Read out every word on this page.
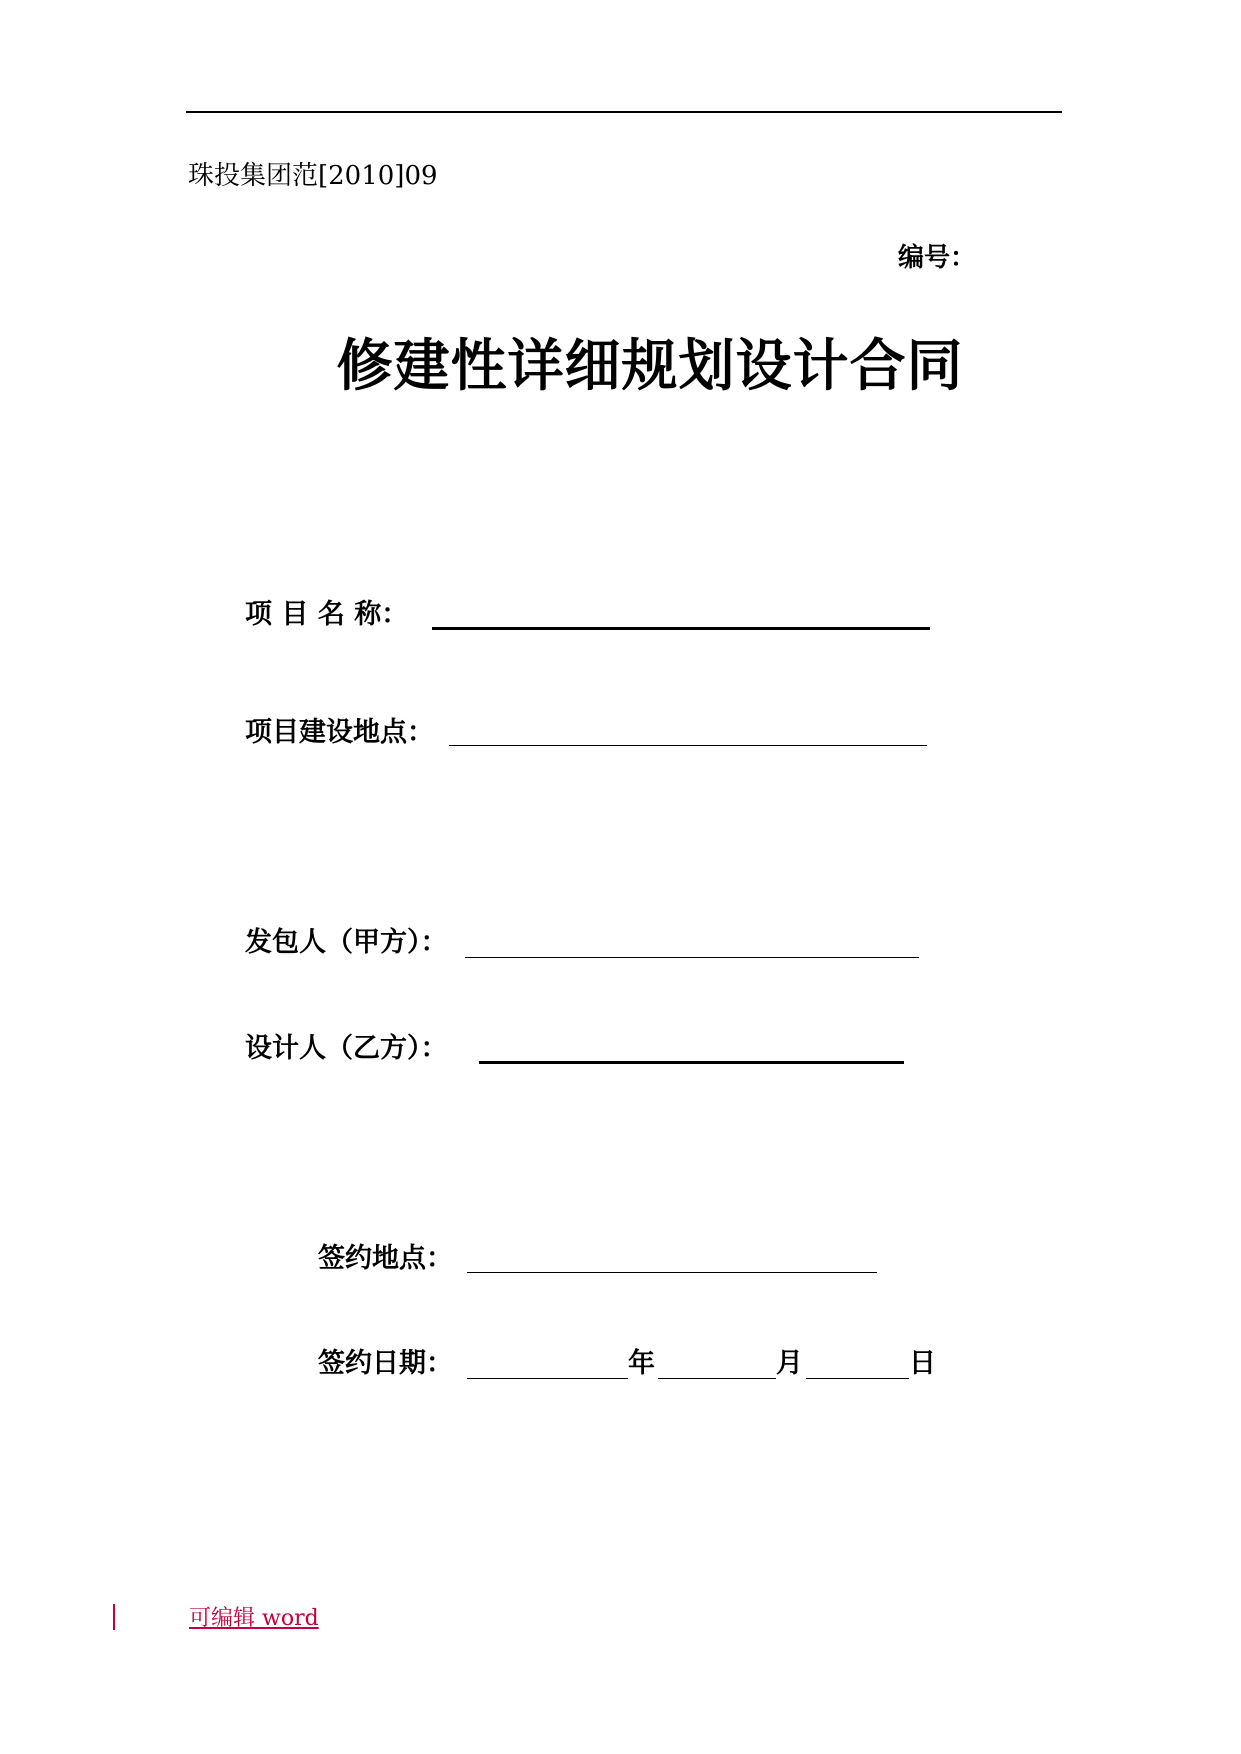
珠投集团范[2010]09
编号：
修建性详细规划设计合同
项 目 名 称：
项目建设地点：
发包人（甲方）：
设计人（乙方）：
签约地点：
签约日期：	年	月	日
可编辑 word
